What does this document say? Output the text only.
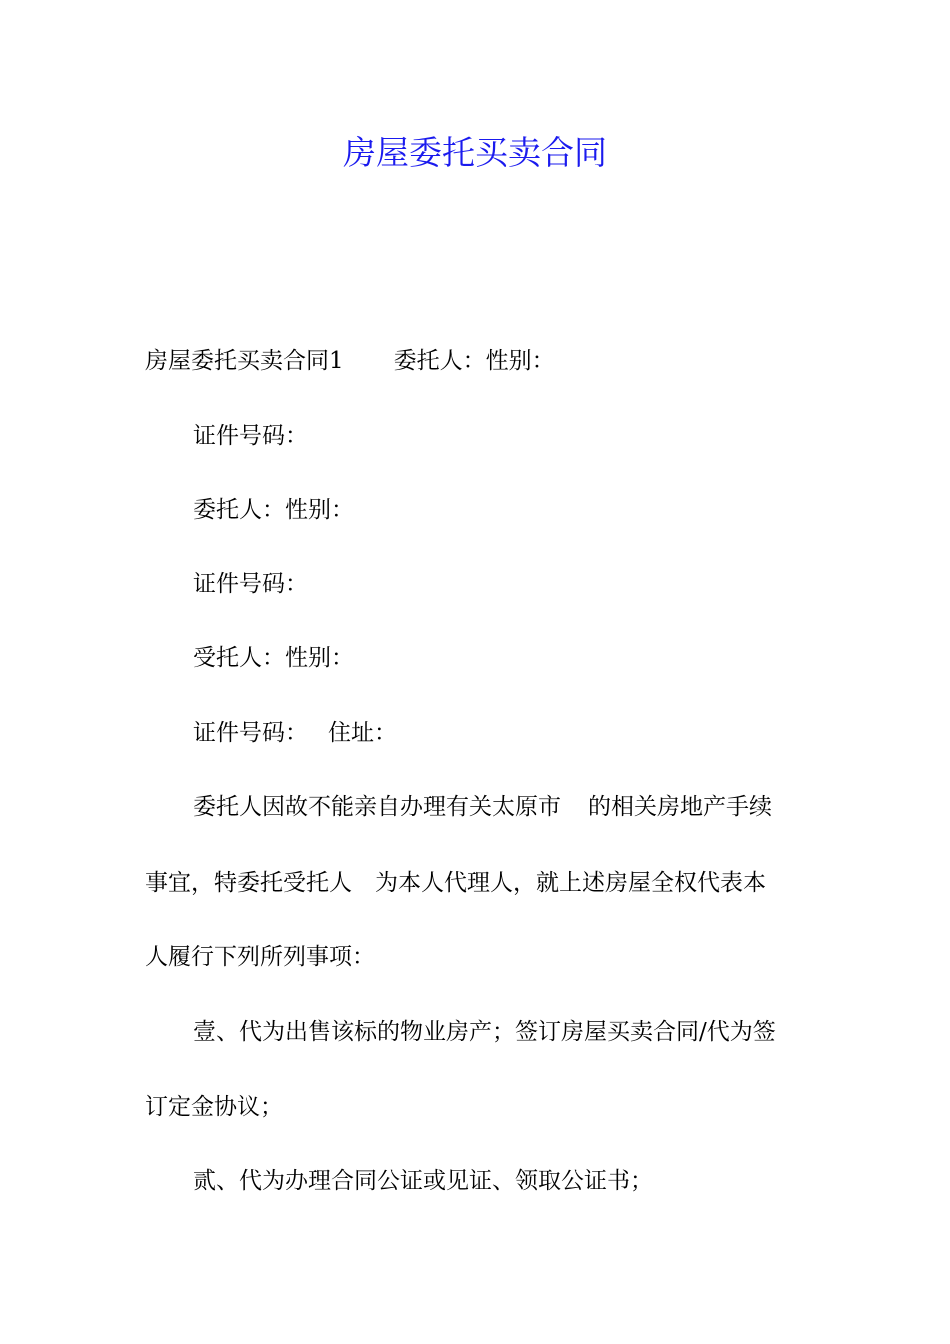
房屋委托买卖合同
房屋委托买卖合同1 委托人：性别：
证件号码：
委托人：性别：
证件号码：
受托人：性别：
证件号码： 住址：
委托人因故不能亲自办理有关太原市 的相关房地产手续
事宜，特委托受托人 为本人代理人，就上述房屋全权代表本
人履行下列所列事项：
壹、代为出售该标的物业房产；签订房屋买卖合同/代为签
订定金协议；
贰、代为办理合同公证或见证、领取公证书；
